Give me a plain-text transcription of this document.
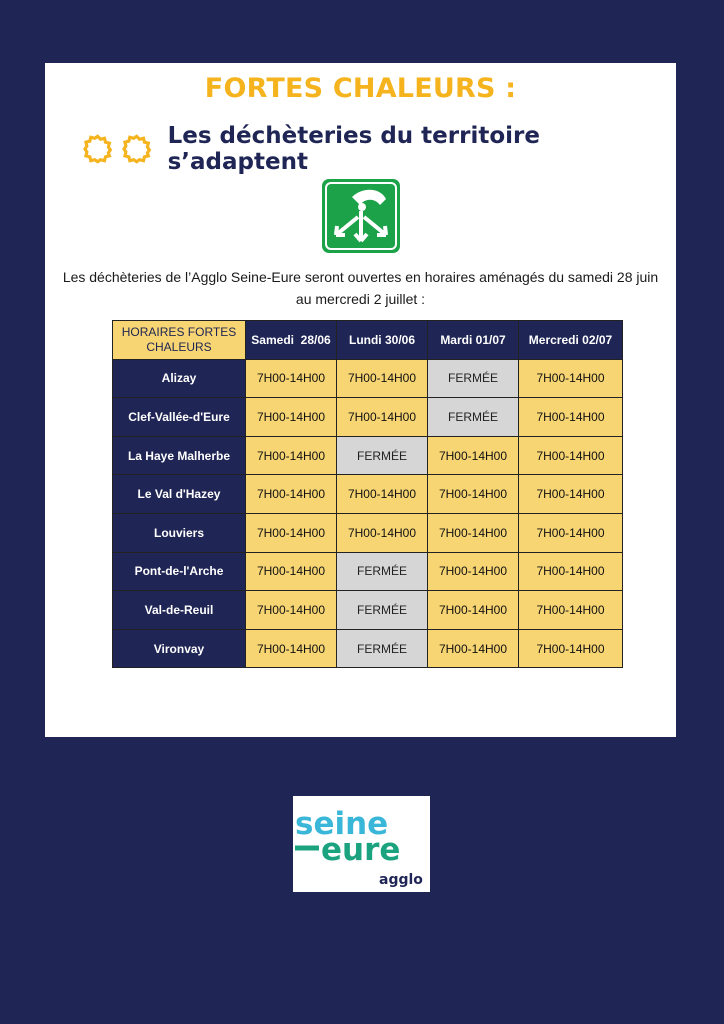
FORTES CHALEURS :
Les déchèteries du territoire s’adaptent
Les déchèteries de l’Agglo Seine-Eure seront ouvertes en horaires aménagés du samedi 28 juin
au mercredi 2 juillet :
HORAIRES FORTES
CHALEURS	Samedi  28/06	Lundi 30/06	Mardi 01/07	Mercredi 02/07
Alizay	7H00-14H00	7H00-14H00	FERMÉE	7H00-14H00
Clef-Vallée-d'Eure	7H00-14H00	7H00-14H00	FERMÉE	7H00-14H00
La Haye Malherbe	7H00-14H00	FERMÉE	7H00-14H00	7H00-14H00
Le Val d'Hazey	7H00-14H00	7H00-14H00	7H00-14H00	7H00-14H00
Louviers	7H00-14H00	7H00-14H00	7H00-14H00	7H00-14H00
Pont-de-l'Arche	7H00-14H00	FERMÉE	7H00-14H00	7H00-14H00
Val-de-Reuil	7H00-14H00	FERMÉE	7H00-14H00	7H00-14H00
Vironvay	7H00-14H00	FERMÉE	7H00-14H00	7H00-14H00
seine
eure
agglo
